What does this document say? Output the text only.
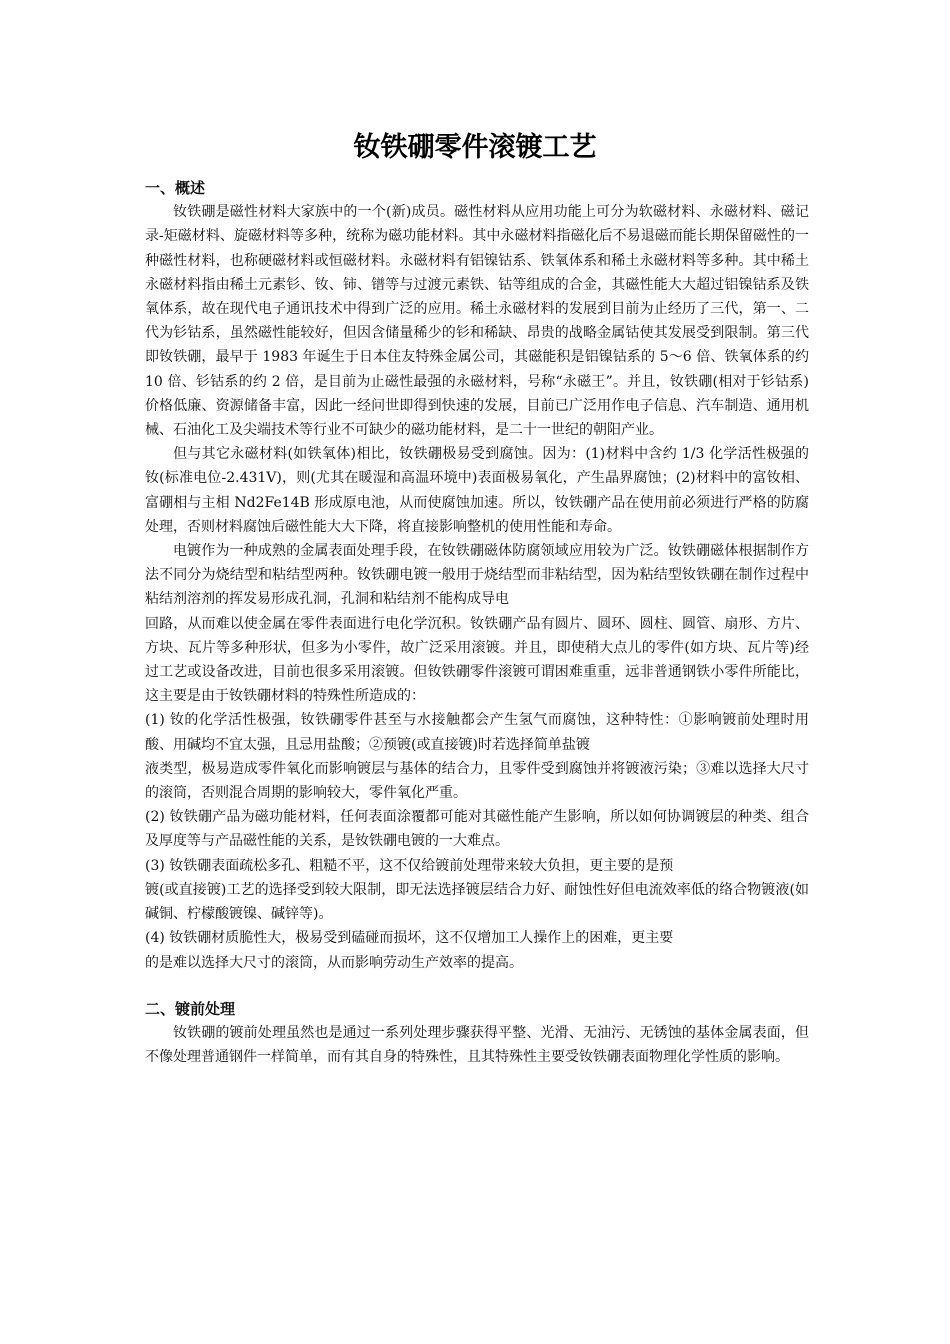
钕铁硼零件滚镀工艺

一、概述

钕铁硼是磁性材料大家族中的一个(新)成员。磁性材料从应用功能上可分为软磁材料、永磁材料、磁记录-矩磁材料、旋磁材料等多种，统称为磁功能材料。其中永磁材料指磁化后不易退磁而能长期保留磁性的一种磁性材料，也称硬磁材料或恒磁材料。永磁材料有铝镍钴系、铁氧体系和稀土永磁材料等多种。其中稀土永磁材料指由稀土元素钐、钕、铈、镨等与过渡元素铁、钴等组成的合金，其磁性能大大超过铝镍钴系及铁氧体系，故在现代电子通讯技术中得到广泛的应用。稀土永磁材料的发展到目前为止经历了三代，第一、二代为钐钴系，虽然磁性能较好，但因含储量稀少的钐和稀缺、昂贵的战略金属钴使其发展受到限制。第三代即钕铁硼，最早于 1983 年诞生于日本住友特殊金属公司，其磁能积是铝镍钴系的 5～6 倍、铁氧体系的约 10 倍、钐钴系的约 2 倍，是目前为止磁性最强的永磁材料，号称“永磁王”。并且，钕铁硼(相对于钐钴系)价格低廉、资源储备丰富，因此一经问世即得到快速的发展，目前已广泛用作电子信息、汽车制造、通用机械、石油化工及尖端技术等行业不可缺少的磁功能材料，是二十一世纪的朝阳产业。

但与其它永磁材料(如铁氧体)相比，钕铁硼极易受到腐蚀。因为：(1)材料中含约 1/3 化学活性极强的钕(标准电位-2.431V)，则(尤其在暖湿和高温环境中)表面极易氧化，产生晶界腐蚀；(2)材料中的富钕相、富硼相与主相 Nd2Fe14B 形成原电池，从而使腐蚀加速。所以，钕铁硼产品在使用前必须进行严格的防腐处理，否则材料腐蚀后磁性能大大下降，将直接影响整机的使用性能和寿命。

电镀作为一种成熟的金属表面处理手段，在钕铁硼磁体防腐领域应用较为广泛。钕铁硼磁体根据制作方法不同分为烧结型和粘结型两种。钕铁硼电镀一般用于烧结型而非粘结型，因为粘结型钕铁硼在制作过程中粘结剂溶剂的挥发易形成孔洞，孔洞和粘结剂不能构成导电

回路，从而难以使金属在零件表面进行电化学沉积。钕铁硼产品有圆片、圆环、圆柱、圆管、扇形、方片、方块、瓦片等多种形状，但多为小零件，故广泛采用滚镀。并且，即使稍大点儿的零件(如方块、瓦片等)经过工艺或设备改进，目前也很多采用滚镀。但钕铁硼零件滚镀可谓困难重重，远非普通钢铁小零件所能比，这主要是由于钕铁硼材料的特殊性所造成的：

(1) 钕的化学活性极强，钕铁硼零件甚至与水接触都会产生氢气而腐蚀，这种特性：①影响镀前处理时用酸、用碱均不宜太强，且忌用盐酸；②预镀(或直接镀)时若选择简单盐镀

液类型，极易造成零件氧化而影响镀层与基体的结合力，且零件受到腐蚀并将镀液污染；③难以选择大尺寸的滚筒，否则混合周期的影响较大，零件氧化严重。

(2) 钕铁硼产品为磁功能材料，任何表面涂覆都可能对其磁性能产生影响，所以如何协调镀层的种类、组合及厚度等与产品磁性能的关系，是钕铁硼电镀的一大难点。

(3) 钕铁硼表面疏松多孔、粗糙不平，这不仅给镀前处理带来较大负担，更主要的是预

镀(或直接镀)工艺的选择受到较大限制，即无法选择镀层结合力好、耐蚀性好但电流效率低的络合物镀液(如碱铜、柠檬酸镀镍、碱锌等)。

(4) 钕铁硼材质脆性大，极易受到磕碰而损坏，这不仅增加工人操作上的困难，更主要

的是难以选择大尺寸的滚筒，从而影响劳动生产效率的提高。

二、镀前处理

钕铁硼的镀前处理虽然也是通过一系列处理步骤获得平整、光滑、无油污、无锈蚀的基体金属表面，但不像处理普通钢件一样简单，而有其自身的特殊性，且其特殊性主要受钕铁硼表面物理化学性质的影响。
